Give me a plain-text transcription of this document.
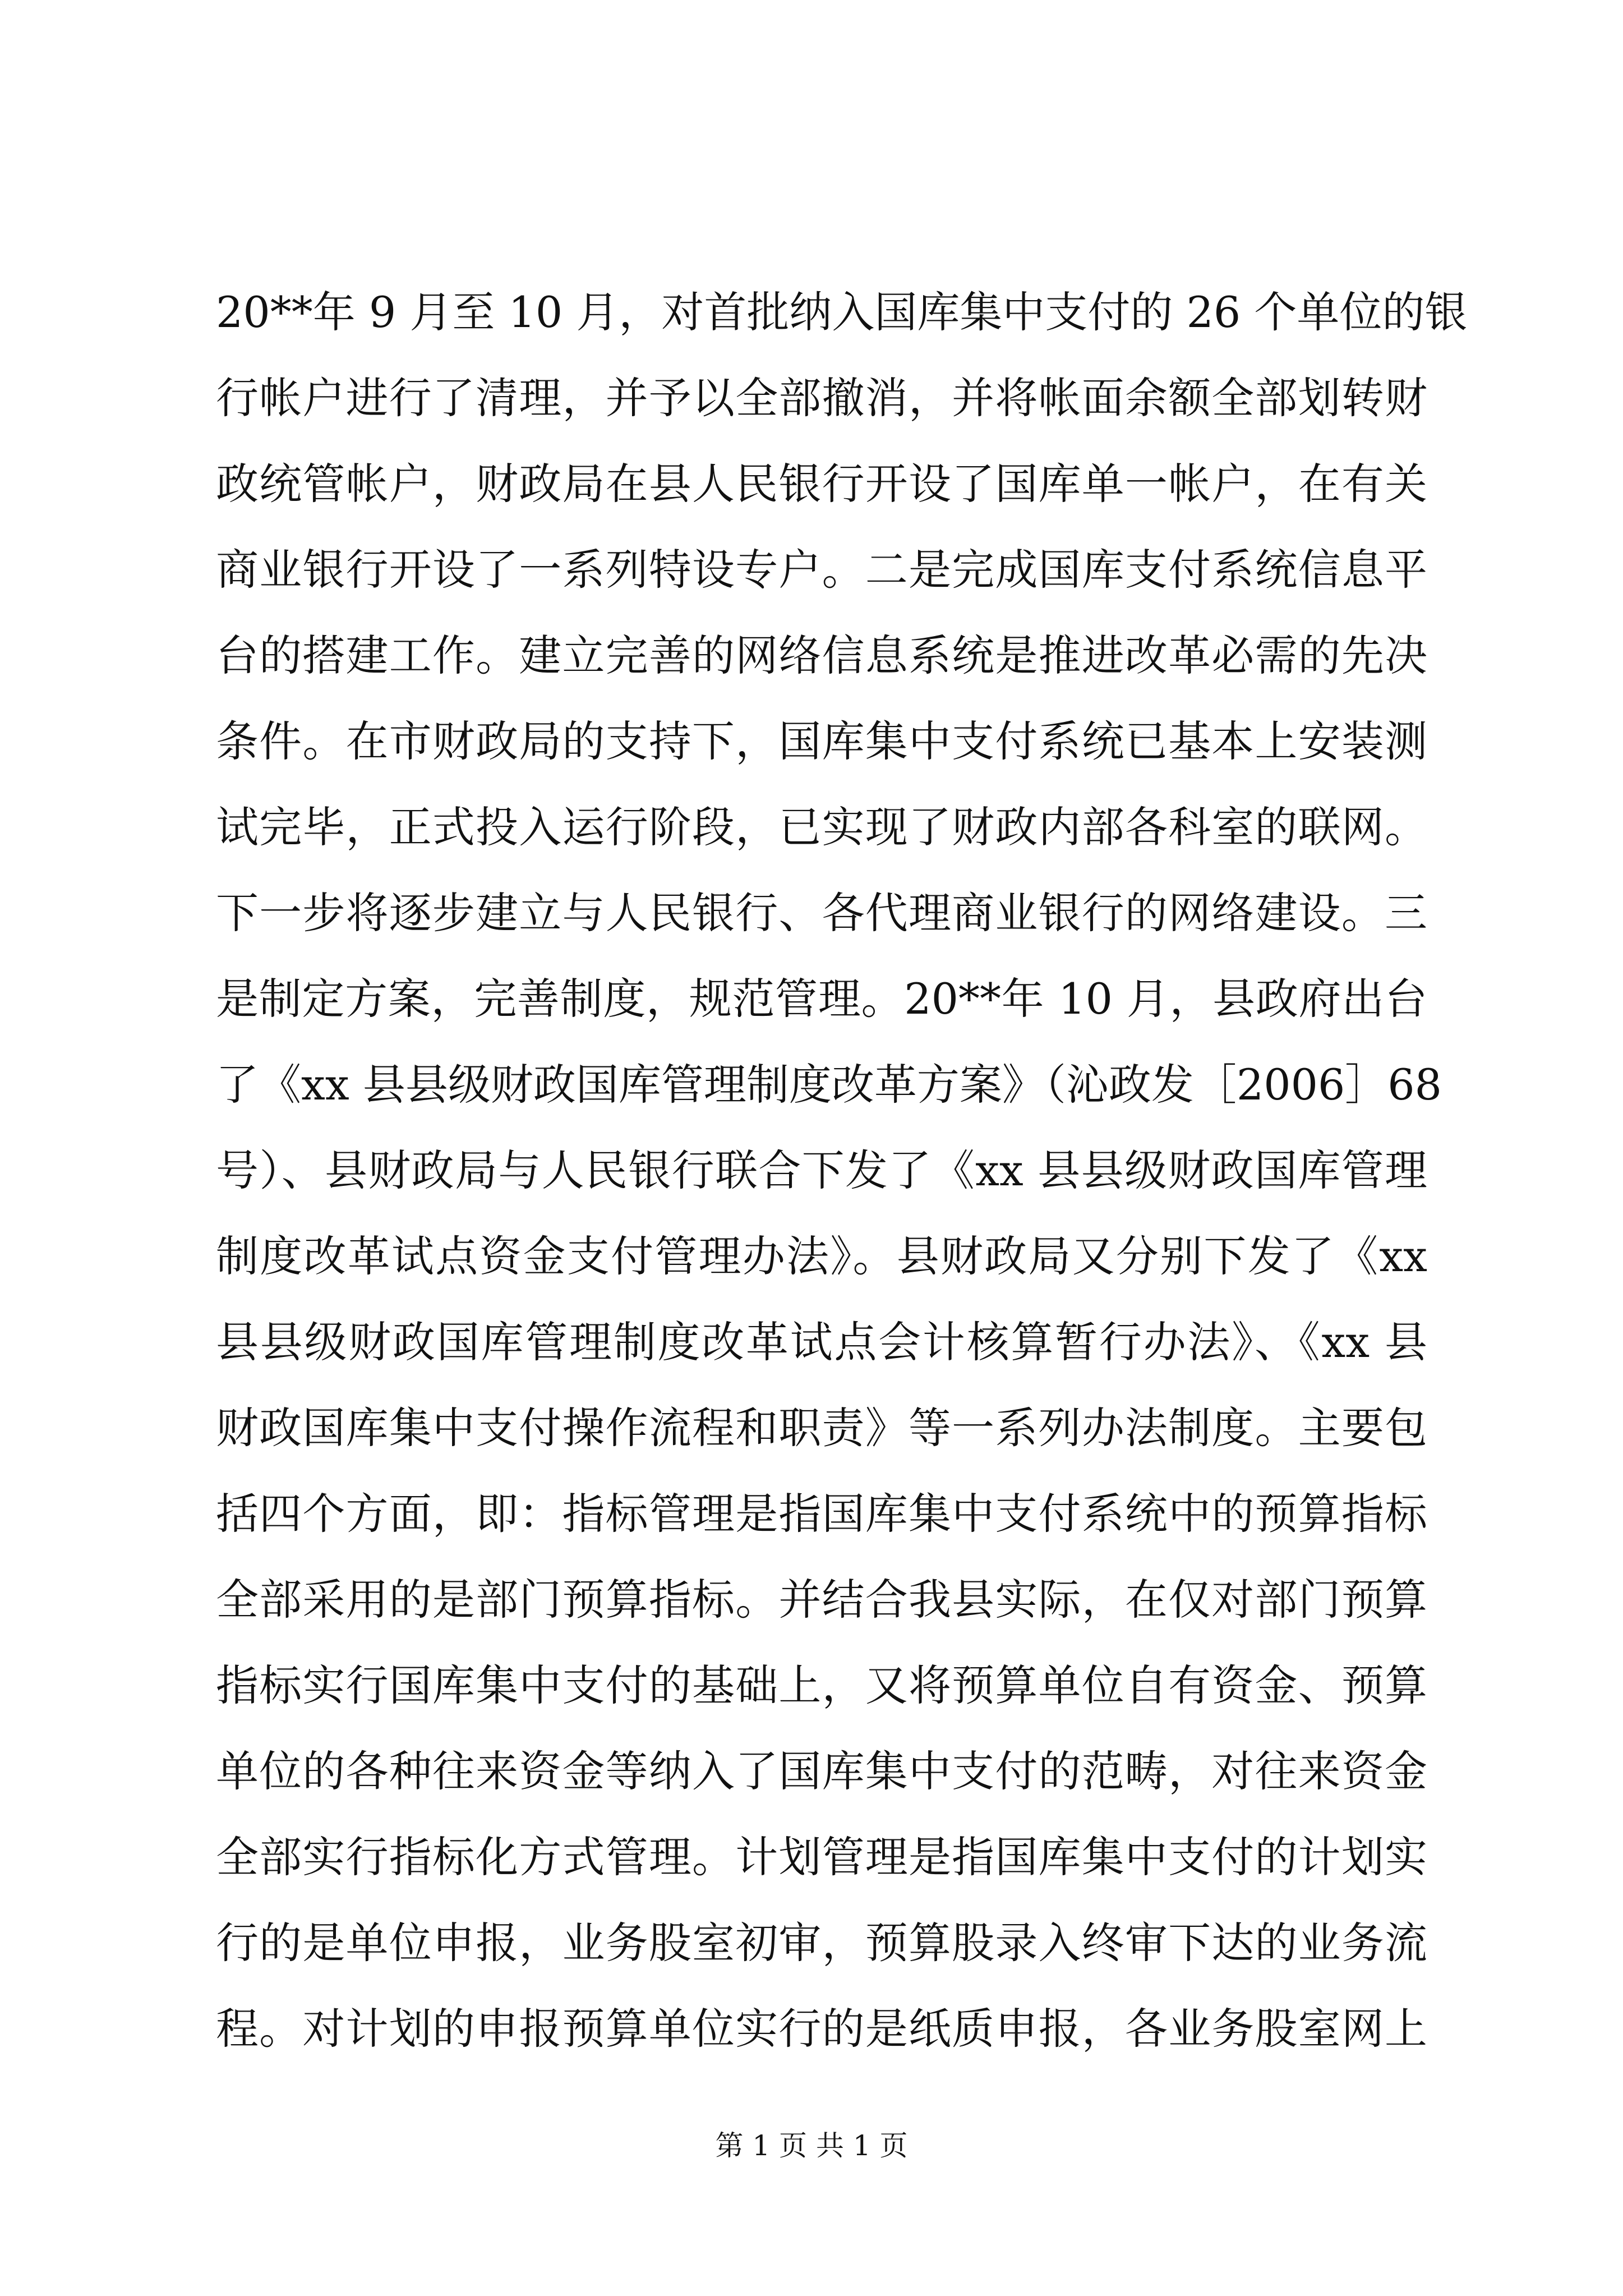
20**年 9 月至 10 月，对首批纳入国库集中支付的 26 个单位的银
行帐户进行了清理，并予以全部撤消，并将帐面余额全部划转财
政统管帐户，财政局在县人民银行开设了国库单一帐户，在有关
商业银行开设了一系列特设专户。二是完成国库支付系统信息平
台的搭建工作。建立完善的网络信息系统是推进改革必需的先决
条件。在市财政局的支持下，国库集中支付系统已基本上安装测
试完毕，正式投入运行阶段，已实现了财政内部各科室的联网。
下一步将逐步建立与人民银行、各代理商业银行的网络建设。三
是制定方案，完善制度，规范管理。20**年 10 月，县政府出台
了《xx 县县级财政国库管理制度改革方案》（沁政发［2006］68
号）、县财政局与人民银行联合下发了《xx 县县级财政国库管理
制度改革试点资金支付管理办法》。县财政局又分别下发了《xx
县县级财政国库管理制度改革试点会计核算暂行办法》、《xx 县
财政国库集中支付操作流程和职责》等一系列办法制度。主要包
括四个方面，即：指标管理是指国库集中支付系统中的预算指标
全部采用的是部门预算指标。并结合我县实际，在仅对部门预算
指标实行国库集中支付的基础上，又将预算单位自有资金、预算
单位的各种往来资金等纳入了国库集中支付的范畴，对往来资金
全部实行指标化方式管理。计划管理是指国库集中支付的计划实
行的是单位申报，业务股室初审，预算股录入终审下达的业务流
程。对计划的申报预算单位实行的是纸质申报，各业务股室网上
第 1 页 共 1 页
